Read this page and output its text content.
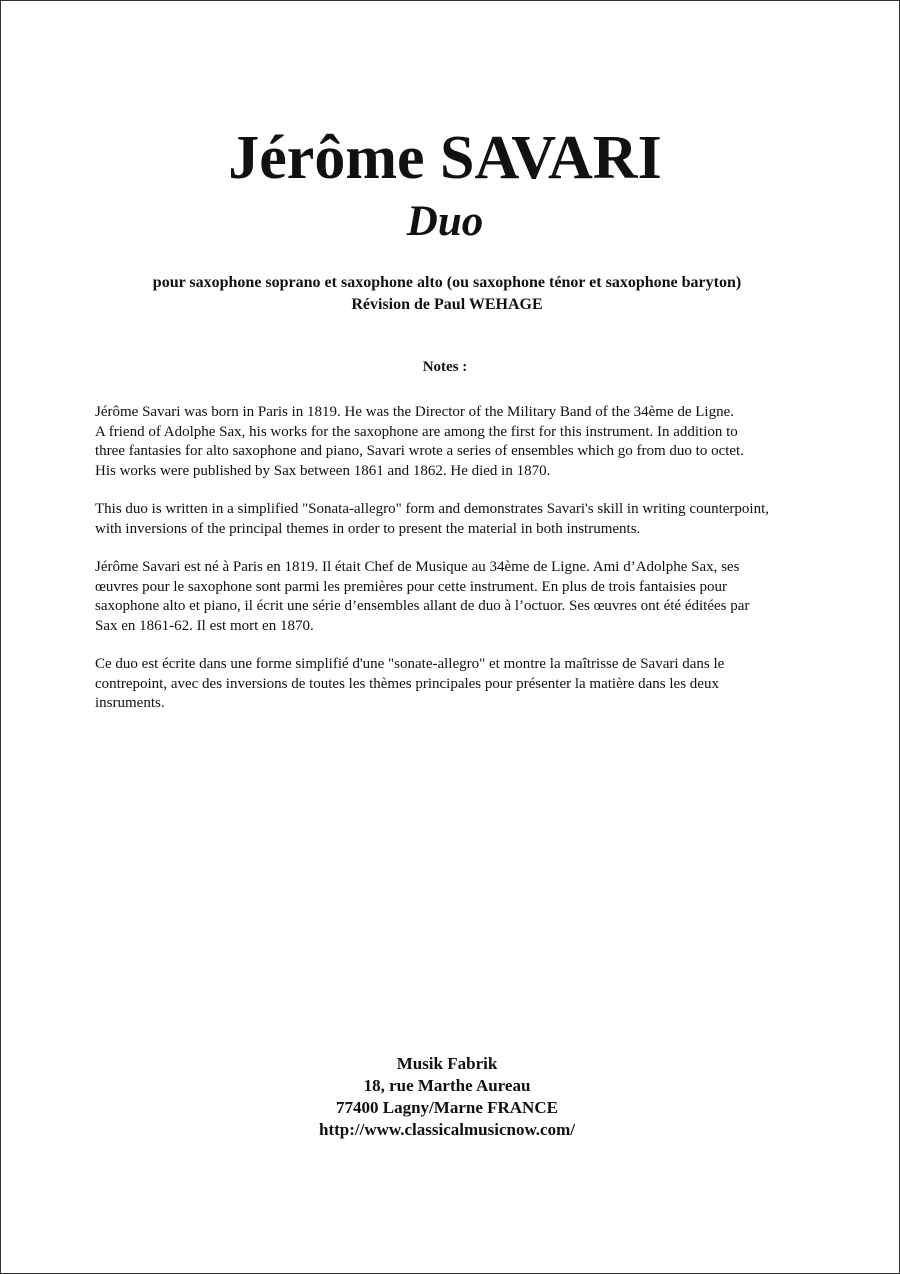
Jérôme SAVARI
Duo
pour saxophone soprano et saxophone alto (ou saxophone ténor et saxophone baryton)
Révision de Paul WEHAGE
Notes :

Jérôme Savari was born in Paris in 1819. He was the Director of the Military Band of the 34ème de Ligne.
A friend of Adolphe Sax, his works for the saxophone are among the first for this instrument. In addition to
three fantasies for alto saxophone and piano, Savari wrote a series of ensembles which go from duo to octet.
His works were published by Sax between 1861 and 1862. He died in 1870.

This duo is written in a simplified "Sonata-allegro" form and demonstrates Savari's skill in writing counterpoint,
with inversions of the principal themes in order to present the material in both instruments.

Jérôme Savari est né à Paris en 1819. Il était Chef de Musique au 34ème de Ligne. Ami d’Adolphe Sax, ses
œuvres pour le saxophone sont parmi les premières pour cette instrument. En plus de trois fantaisies pour
saxophone alto et piano, il écrit une série d’ensembles allant de duo à l’octuor. Ses œuvres ont été éditées par
Sax en 1861-62. Il est mort en 1870.

Ce duo est écrite dans une forme simplifié d'une "sonate-allegro" et montre la maîtrisse de Savari dans le
contrepoint, avec des inversions de toutes les thèmes principales pour présenter la matière dans les deux
insruments.

Musik Fabrik
18, rue Marthe Aureau
77400 Lagny/Marne FRANCE
http://www.classicalmusicnow.com/
